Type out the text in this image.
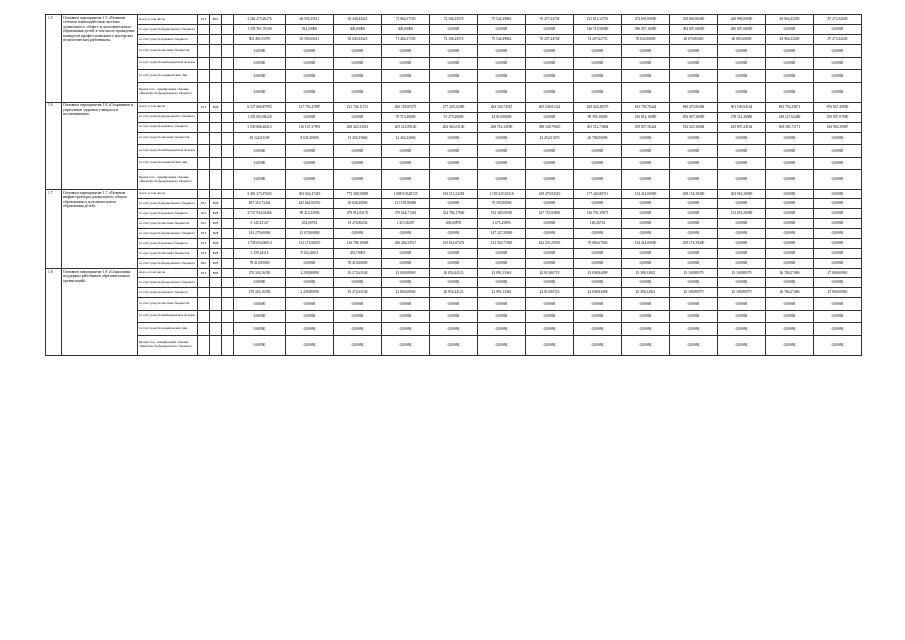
1.5	Основное мероприятие 1.5 «Развитие сетевого взаимодействия системы дошкольного, общего и дополнительного образования детей, в том числе проведение конкурсов профессионального мастерства педагогических работников»	всего, в том числе	813	В01		2 262 275,26276	66 503,15611	92 449,44323	71 864,37100	72 106,24570	75 542,49862	76 257,24748	221 011,52735	474 691,00000	410 683,80400	420 890,00000	83 964,33200	87 273,34200
		за счет средств федерального бюджета				1 359 761,70300	912,50000	400,00000	400,00000	0,00000	0,00000	0,00000	146 713,90000	396 057,10000	384 007,00000	380 007,00000	0,00000	0,00000
		за счет средств краевого бюджета				902 493,55976	65 590,65611	92 049,44323	71 464,37100	72 106,24570	75 542,49862	76 257,24748	74 297,62735	78 633,90000	26 676,80400	40 883,00000	83 964,33200	87 273,34200
		за счет средств местных бюджетов				0,00000	0,00000	0,00000	0,00000	0,00000	0,00000	0,00000	0,00000	0,00000	0,00000	0,00000	0,00000	0,00000
		за счет средств внебюджетных фондов				0,00000	0,00000	0,00000	0,00000	0,00000	0,00000	0,00000	0,00000	0,00000	0,00000	0,00000	0,00000	0,00000
		за счет средств юридических лиц				0,00000	0,00000	0,00000	0,00000	0,00000	0,00000	0,00000	0,00000	0,00000	0,00000	0,00000	0,00000	0,00000
		Кроме того, планируемые объемы обязательств федерального бюджета				0,00000	0,00000	0,00000	0,00000	0,00000	0,00000	0,00000	0,00000	0,00000	0,00000	0,00000	0,00000	0,00000
1.6	Основное мероприятие 1.6 «Сохранение и укрепление здоровья учащихся и воспитанников»	всего, в том числе	813	В28		6 527 866,87995	127 792,47887	221 726,11721	260 159,85575	277 329,24389	284 102,74567	405 108,81322	629 026,48579	633 700,76424	849 475,80484	901 100,94164	833 793,23871	876 947,40890
		за счет средств федерального бюджета				1 292 063,98226	0,00000	0,00000	79 713,20000	91 275,20000	24 810,00000	0,00000	98 395,10000	236 814,10000	294 907,30000	278 112,40000	249 127,62480	250 907,07890
		за счет средств краевого бюджета				5 230 686,46413	116 147,37991	208 423,33051	203 214,89140	262 063,03100	268 716,14590	388 148,79610	491 512,73864	359 857,56424	532 525,38484	625 897,24164	603 583,71171	616 965,39087
		за счет средств местных бюджетов				83 122,03108	8 635,30000	13 203,33060	12 463,24060	0,00000	0,00000	23 452,01070	20 798,50000	0,00000	0,00000	0,00000	0,00000	0,00000
		за счет средств внебюджетных фондов				0,00000	0,00000	0,00000	0,00000	0,00000	0,00000	0,00000	0,00000	0,00000	0,00000	0,00000	0,00000	0,00000
		за счет средств юридических лиц				0,00000	0,00000	0,00000	0,00000	0,00000	0,00000	0,00000	0,00000	0,00000	0,00000	0,00000	0,00000	0,00000
		Кроме того, планируемые объемы обязательств федерального бюджета				0,00000	0,00000	0,00000	0,00000	0,00000	0,00000	0,00000	0,00000	0,00000	0,00000	0,00000	0,00000	0,00000
1.7	Основное мероприятие 1.7 «Развитие инфраструктуры дошкольного, общего образования и дополнительного образования детей»	всего, в том числе				5 401 275,87605	493 942,47419	775 308,58983	1 008 918,40725	510 513,22284	1 159 325,03316	418 479,82510	177 426,80711	134 414,00000	258 154,39400	263 961,20000	0,00000	0,00000
		за счет средств федерального бюджета	812	В28		697 313,73434	241 662,82910	35 658,20000	211 195,80000	0,00000	78 593,90000	0,00000	0,00000	0,00000	0,00000	0,00000	0,00000	0,00000
		за счет средств краевого бюджета	812	В28		2 727 934,02406	98 412,22900	479 912,83176	370 024,71361	324 786,17940	513 305,69585	227 725,83865	126 791,39073	0,00000	0,00000	213 651,20000	0,00000	0,00000
		за счет средств местных бюджетов	812	В28		5 145,23147	252,00763	19 276,86234	1 413,36287	206,00878	2 675,25893	0,00000	148,26734	0,00000	0,00000	0,00000	0,00000	0,00000
		за счет средств федерального бюджета	813	В28		181 279,60000	21 670,00000	0,00000	0,00000	0,00000	147 227,20000	0,00000	0,00000	0,00000	0,00000	0,00000	0,00000	0,00000
		за счет средств краевого бюджета	813	В28		1 738 054,60014	131 172,80010	126 788,10048	446 284,50517	165 814,67474	141 526,71965	622 253,25955	78 084,67848	134 414,00000	239 174,39400	0,00000	0,00000	0,00000
		за счет средств местных бюджетов	813	В28		1 159,24114	8 163,26011	453,70003	0,00000	0,00000	0,00000	0,00000	0,00000	0,00000	0,00000	0,00000	0,00000	0,00000
		за счет средств федерального бюджета	822	В28		78 410,00000	0,00000	78 410,00000	0,00000	0,00000	0,00000	0,00000	0,00000	0,00000	0,00000	0,00000	0,00000	0,00000
1.8	Основное мероприятие 1.8 «Социальная поддержка работников образовательных организаций»	всего, в том числе	813	В06		270 326,16350	2 258,80898	10 272,63148	21 804,08940	20 854,44123	21 091,15461	24 013,80723	23 048,84498	25 396,32821	25 108,88579	25 108,88579	26 784,27486	27 806,00963
		за счет средств федерального бюджета				0,00000	0,00000	0,00000	0,00000	0,00000	0,00000	0,00000	0,00000	0,00000	0,00000	0,00000	0,00000	0,00000
		за счет средств краевого бюджета				270 326,16350	2 258,80898	10 272,63148	21 804,08940	20 854,44123	21 091,15461	24 013,80723	23 048,84498	25 396,32821	25 108,88579	25 108,88579	26 784,27486	27 806,00963
		за счет средств местных бюджетов				0,00000	0,00000	0,00000	0,00000	0,00000	0,00000	0,00000	0,00000	0,00000	0,00000	0,00000	0,00000	0,00000
		за счет средств внебюджетных фондов				0,00000	0,00000	0,00000	0,00000	0,00000	0,00000	0,00000	0,00000	0,00000	0,00000	0,00000	0,00000	0,00000
		за счет средств юридических лиц				0,00000	0,00000	0,00000	0,00000	0,00000	0,00000	0,00000	0,00000	0,00000	0,00000	0,00000	0,00000	0,00000
		Кроме того, планируемые объемы обязательств федерального бюджета				0,00000	0,00000	0,00000	0,00000	0,00000	0,00000	0,00000	0,00000	0,00000	0,00000	0,00000	0,00000	0,00000
